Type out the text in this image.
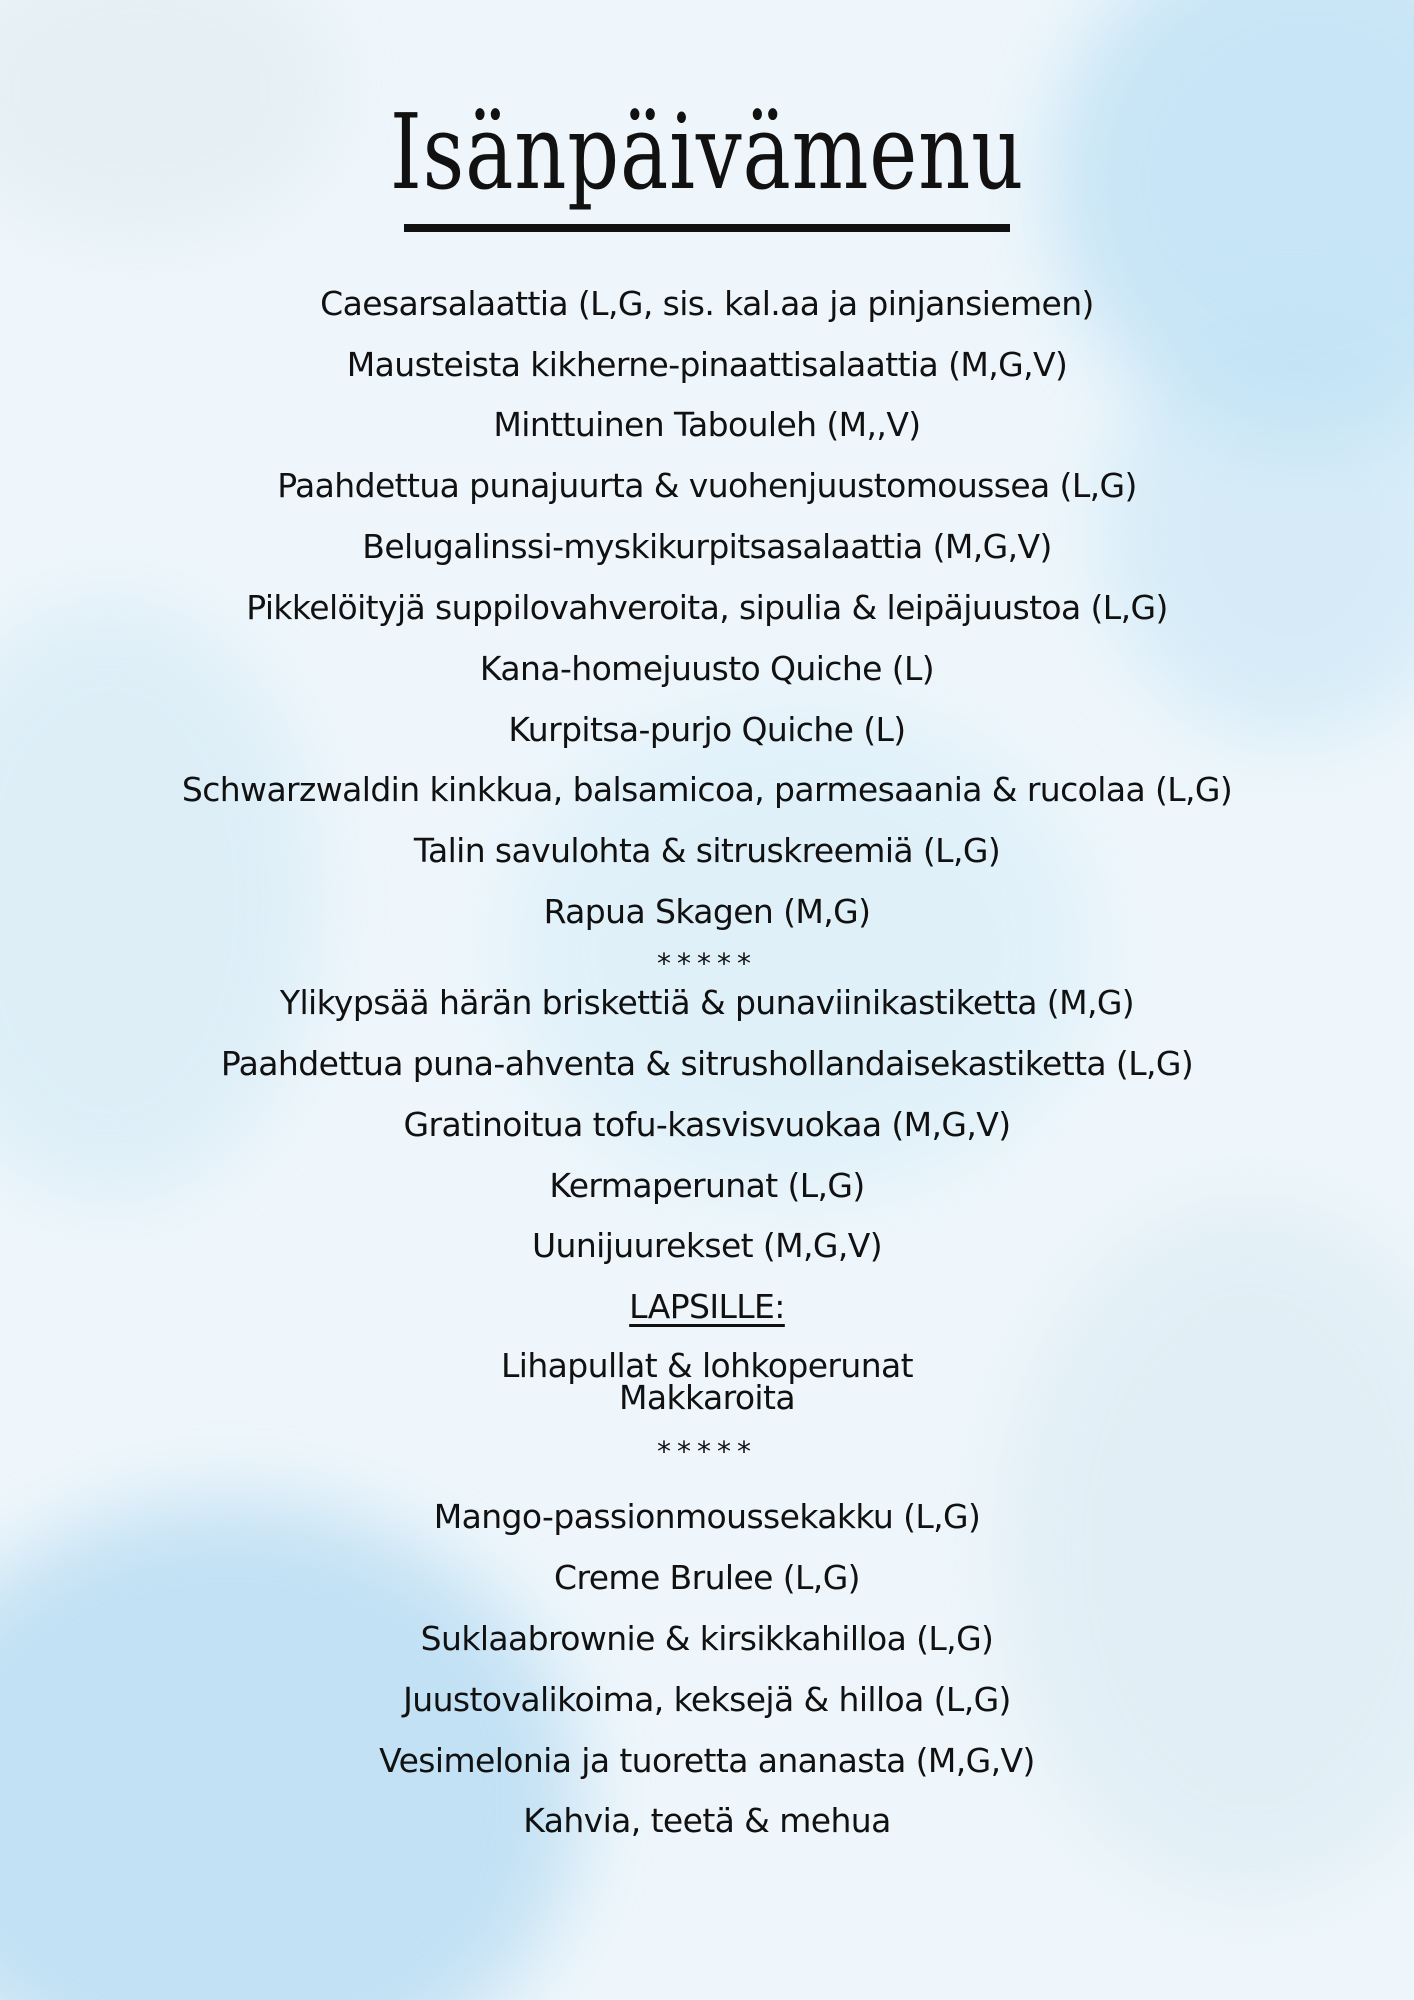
Isänpäivämenu
Caesarsalaattia (L,G, sis. kal.aa ja pinjansiemen)
Mausteista kikherne-pinaattisalaattia (M,G,V)
Minttuinen Tabouleh (M,,V)
Paahdettua punajuurta & vuohenjuustomoussea (L,G)
Belugalinssi-myskikurpitsasalaattia (M,G,V)
Pikkelöityjä suppilovahveroita, sipulia & leipäjuustoa (L,G)
Kana-homejuusto Quiche (L)
Kurpitsa-purjo Quiche (L)
Schwarzwaldin kinkkua, balsamicoa, parmesaania & rucolaa (L,G)
Talin savulohta & sitruskreemiä (L,G)
Rapua Skagen (M,G)
*****
Ylikypsää härän briskettiä & punaviinikastiketta (M,G)
Paahdettua puna-ahventa & sitrushollandaisekastiketta (L,G)
Gratinoitua tofu-kasvisvuokaa (M,G,V)
Kermaperunat (L,G)
Uunijuurekset (M,G,V)
LAPSILLE:
Lihapullat & lohkoperunat
Makkaroita
*****
Mango-passionmoussekakku (L,G)
Creme Brulee (L,G)
Suklaabrownie & kirsikkahilloa (L,G)
Juustovalikoima, keksejä & hilloa (L,G)
Vesimelonia ja tuoretta ananasta (M,G,V)
Kahvia, teetä & mehua
